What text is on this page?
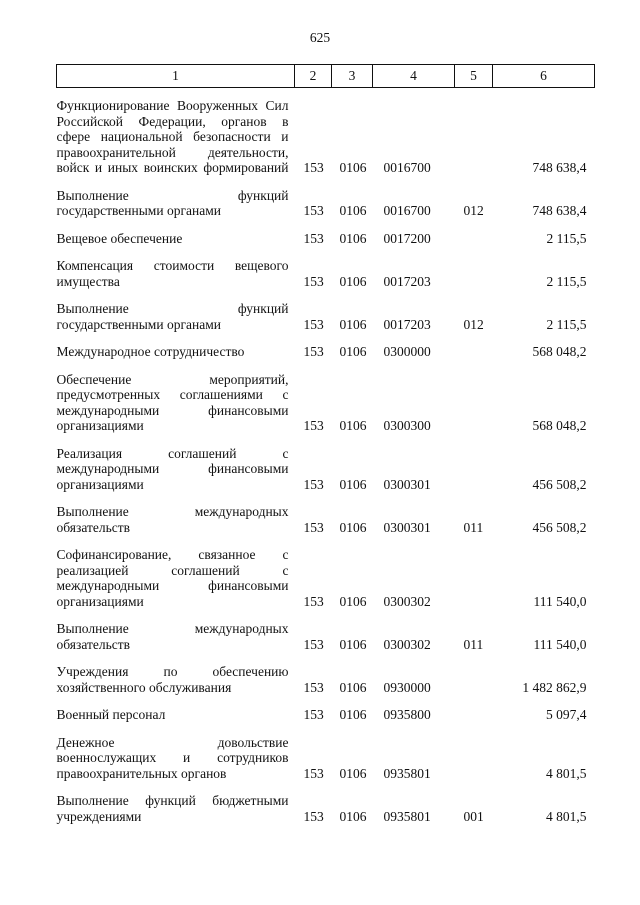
625
1	2	3	4	5	6
Функционирование Вооруженных Сил Российской Федерации, органов в сфере национальной безопасности и правоохранительной деятельности, войск и иных воинских формирований	153	0106	0016700		748 638,4
Выполнение функций государственными органами	153	0106	0016700	012	748 638,4
Вещевое обеспечение	153	0106	0017200		2 115,5
Компенсация стоимости вещевого имущества	153	0106	0017203		2 115,5
Выполнение функций государственными органами	153	0106	0017203	012	2 115,5
Международное сотрудничество	153	0106	0300000		568 048,2
Обеспечение мероприятий, предусмотренных соглашениями с международными финансовыми организациями	153	0106	0300300		568 048,2
Реализация соглашений с международными финансовыми организациями	153	0106	0300301		456 508,2
Выполнение международных обязательств	153	0106	0300301	011	456 508,2
Софинансирование, связанное с реализацией соглашений с международными финансовыми организациями	153	0106	0300302		111 540,0
Выполнение международных обязательств	153	0106	0300302	011	111 540,0
Учреждения по обеспечению хозяйственного обслуживания	153	0106	0930000		1 482 862,9
Военный персонал	153	0106	0935800		5 097,4
Денежное довольствие военнослужащих и сотрудников правоохранительных органов	153	0106	0935801		4 801,5
Выполнение функций бюджетными учреждениями	153	0106	0935801	001	4 801,5
